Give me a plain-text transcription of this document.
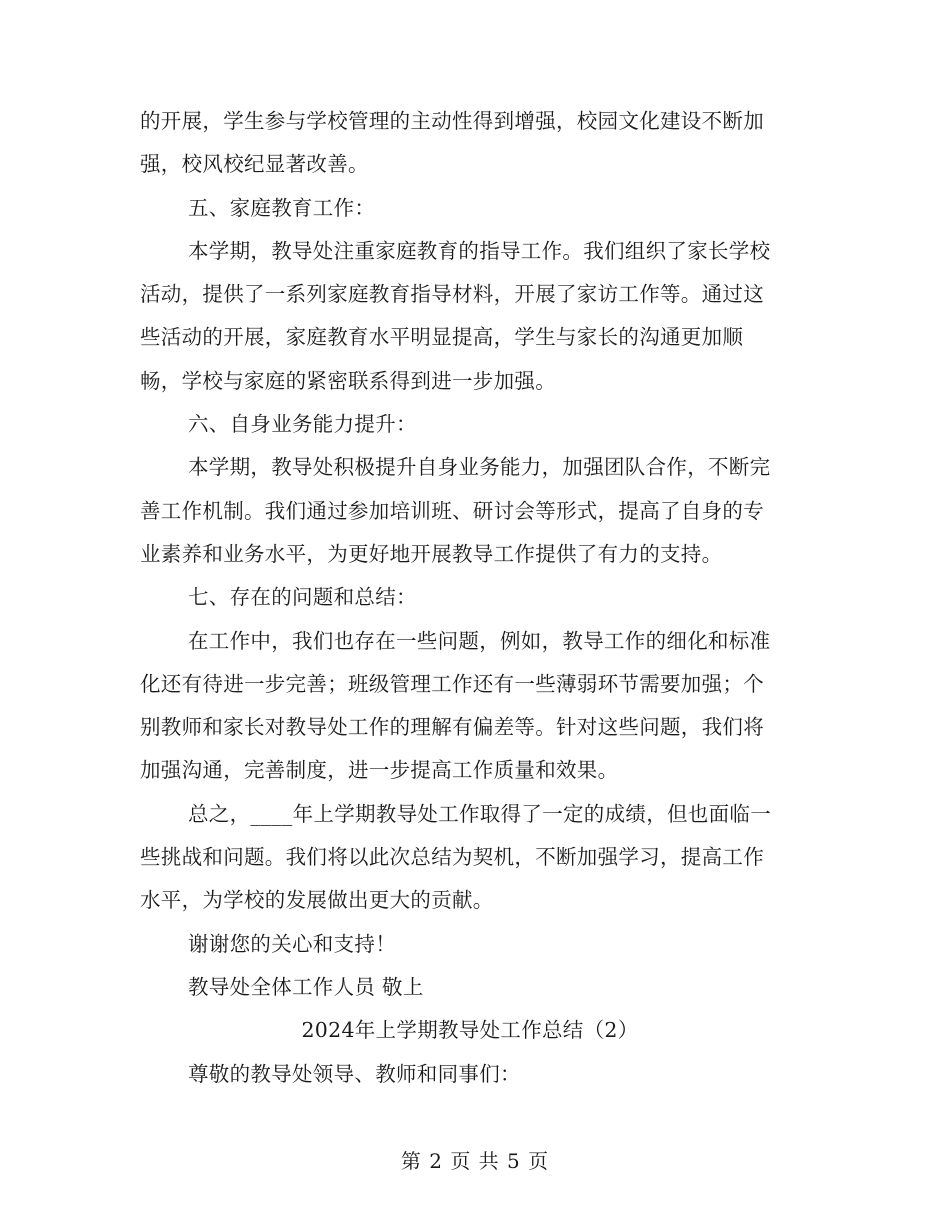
的开展，学生参与学校管理的主动性得到增强，校园文化建设不断加
强，校风校纪显著改善。
五、家庭教育工作：
本学期，教导处注重家庭教育的指导工作。我们组织了家长学校
活动，提供了一系列家庭教育指导材料，开展了家访工作等。通过这
些活动的开展，家庭教育水平明显提高，学生与家长的沟通更加顺
畅，学校与家庭的紧密联系得到进一步加强。
六、自身业务能力提升：
本学期，教导处积极提升自身业务能力，加强团队合作，不断完
善工作机制。我们通过参加培训班、研讨会等形式，提高了自身的专
业素养和业务水平，为更好地开展教导工作提供了有力的支持。
七、存在的问题和总结：
在工作中，我们也存在一些问题，例如，教导工作的细化和标准
化还有待进一步完善；班级管理工作还有一些薄弱环节需要加强；个
别教师和家长对教导处工作的理解有偏差等。针对这些问题，我们将
加强沟通，完善制度，进一步提高工作质量和效果。
总之，____年上学期教导处工作取得了一定的成绩，但也面临一
些挑战和问题。我们将以此次总结为契机，不断加强学习，提高工作
水平，为学校的发展做出更大的贡献。
谢谢您的关心和支持！
教导处全体工作人员 敬上
2024年上学期教导处工作总结（2）
尊敬的教导处领导、教师和同事们：
第 2 页 共 5 页
